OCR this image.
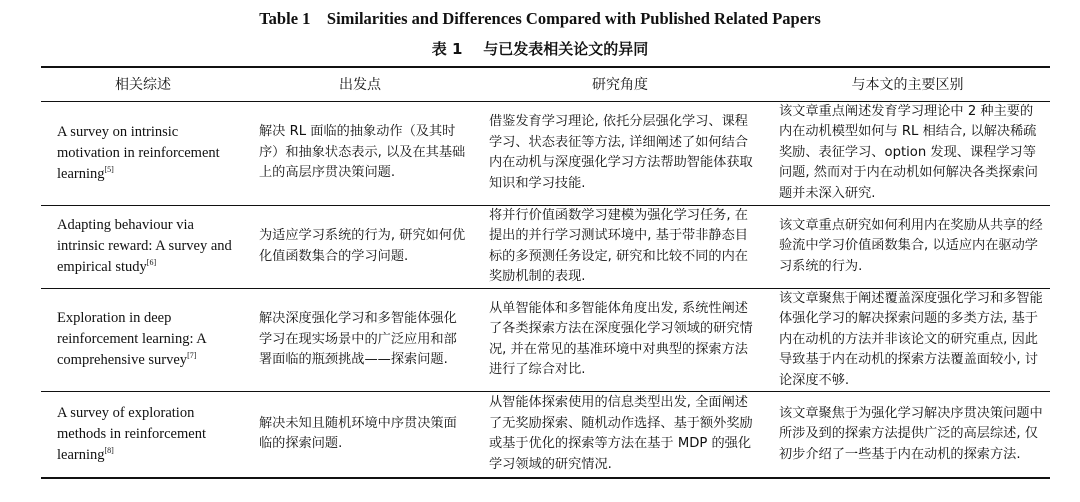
Table 1    Similarities and Differences Compared with Published Related Papers
表 1    与已发表相关论文的异同
相关综述	出发点	研究角度	与本文的主要区别
A survey on intrinsic motivation in reinforcement learning[5]	解决 RL 面临的抽象动作（及其时序）和抽象状态表示, 以及在其基础上的高层序贯决策问题.	借鉴发育学习理论, 依托分层强化学习、课程学习、状态表征等方法, 详细阐述了如何结合内在动机与深度强化学习方法帮助智能体获取知识和学习技能.	该文章重点阐述发育学习理论中 2 种主要的内在动机模型如何与 RL 相结合, 以解决稀疏奖励、表征学习、option 发现、课程学习等问题, 然而对于内在动机如何解决各类探索问题并未深入研究.
Adapting behaviour via intrinsic reward: A survey and empirical study[6]	为适应学习系统的行为, 研究如何优化值函数集合的学习问题.	将并行价值函数学习建模为强化学习任务, 在提出的并行学习测试环境中, 基于带非静态目标的多预测任务设定, 研究和比较不同的内在奖励机制的表现.	该文章重点研究如何利用内在奖励从共享的经验流中学习价值函数集合, 以适应内在驱动学习系统的行为.
Exploration in deep reinforcement learning: A comprehensive survey[7]	解决深度强化学习和多智能体强化学习在现实场景中的广泛应用和部署面临的瓶颈挑战——探索问题.	从单智能体和多智能体角度出发, 系统性阐述了各类探索方法在深度强化学习领域的研究情况, 并在常见的基准环境中对典型的探索方法进行了综合对比.	该文章聚焦于阐述覆盖深度强化学习和多智能体强化学习的解决探索问题的多类方法, 基于内在动机的方法并非该论文的研究重点, 因此导致基于内在动机的探索方法覆盖面较小, 讨论深度不够.
A survey of exploration methods in reinforcement learning[8]	解决未知且随机环境中序贯决策面临的探索问题.	从智能体探索使用的信息类型出发, 全面阐述了无奖励探索、随机动作选择、基于额外奖励或基于优化的探索等方法在基于 MDP 的强化学习领域的研究情况.	该文章聚焦于为强化学习解决序贯决策问题中所涉及到的探索方法提供广泛的高层综述, 仅初步介绍了一些基于内在动机的探索方法.
